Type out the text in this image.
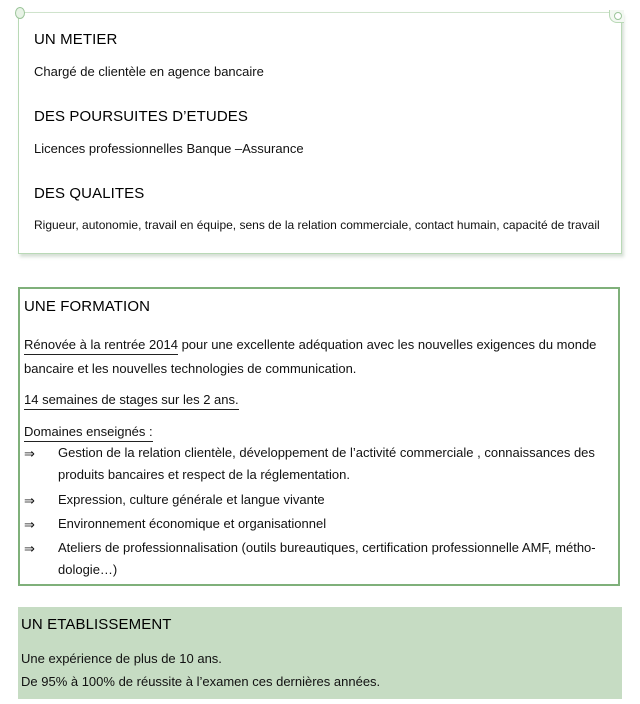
UN METIER
Chargé de clientèle en agence bancaire
DES POURSUITES D’ETUDES
Licences professionnelles Banque –Assurance
DES QUALITES
Rigueur, autonomie, travail en équipe, sens de la relation commerciale, contact humain, capacité de travail
UNE FORMATION
Rénovée à la rentrée 2014 pour une excellente adéquation avec les nouvelles exigences du monde
bancaire et les nouvelles technologies de communication.
14 semaines de stages sur les 2 ans.
Domaines enseignés :
⇒ Gestion de la relation clientèle, développement de l’activité commerciale , connaissances des
produits bancaires et respect de la réglementation.
⇒ Expression, culture générale et langue vivante
⇒ Environnement économique et organisationnel
⇒ Ateliers de professionnalisation (outils bureautiques, certification professionnelle AMF, métho-
dologie…)
UN ETABLISSEMENT
Une expérience de plus de 10 ans.
De 95% à 100% de réussite à l’examen ces dernières années.
